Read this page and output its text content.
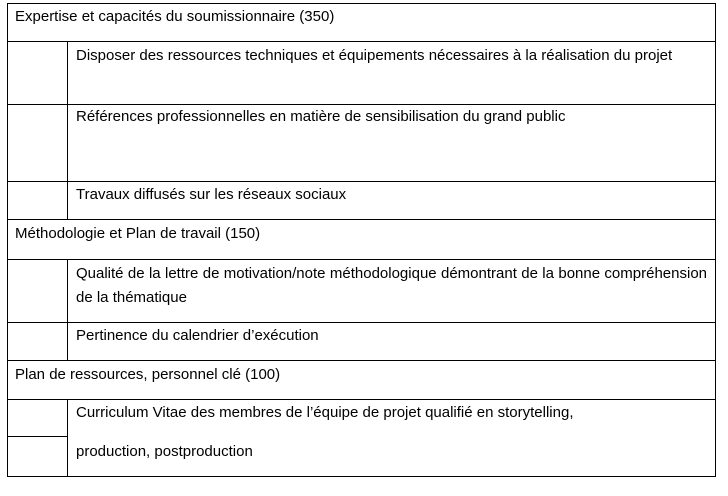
Expertise et capacités du soumissionnaire (350)
Disposer des ressources techniques et équipements nécessaires à la réalisation du projet
Références professionnelles en matière de sensibilisation du grand public
Travaux diffusés sur les réseaux sociaux
Méthodologie et Plan de travail (150)
Qualité de la lettre de motivation/note méthodologique démontrant de la bonne compréhension de la thématique
Pertinence du calendrier d’exécution
Plan de ressources, personnel clé (100)
Curriculum Vitae des membres de l’équipe de projet qualifié en storytelling,
production, postproduction
